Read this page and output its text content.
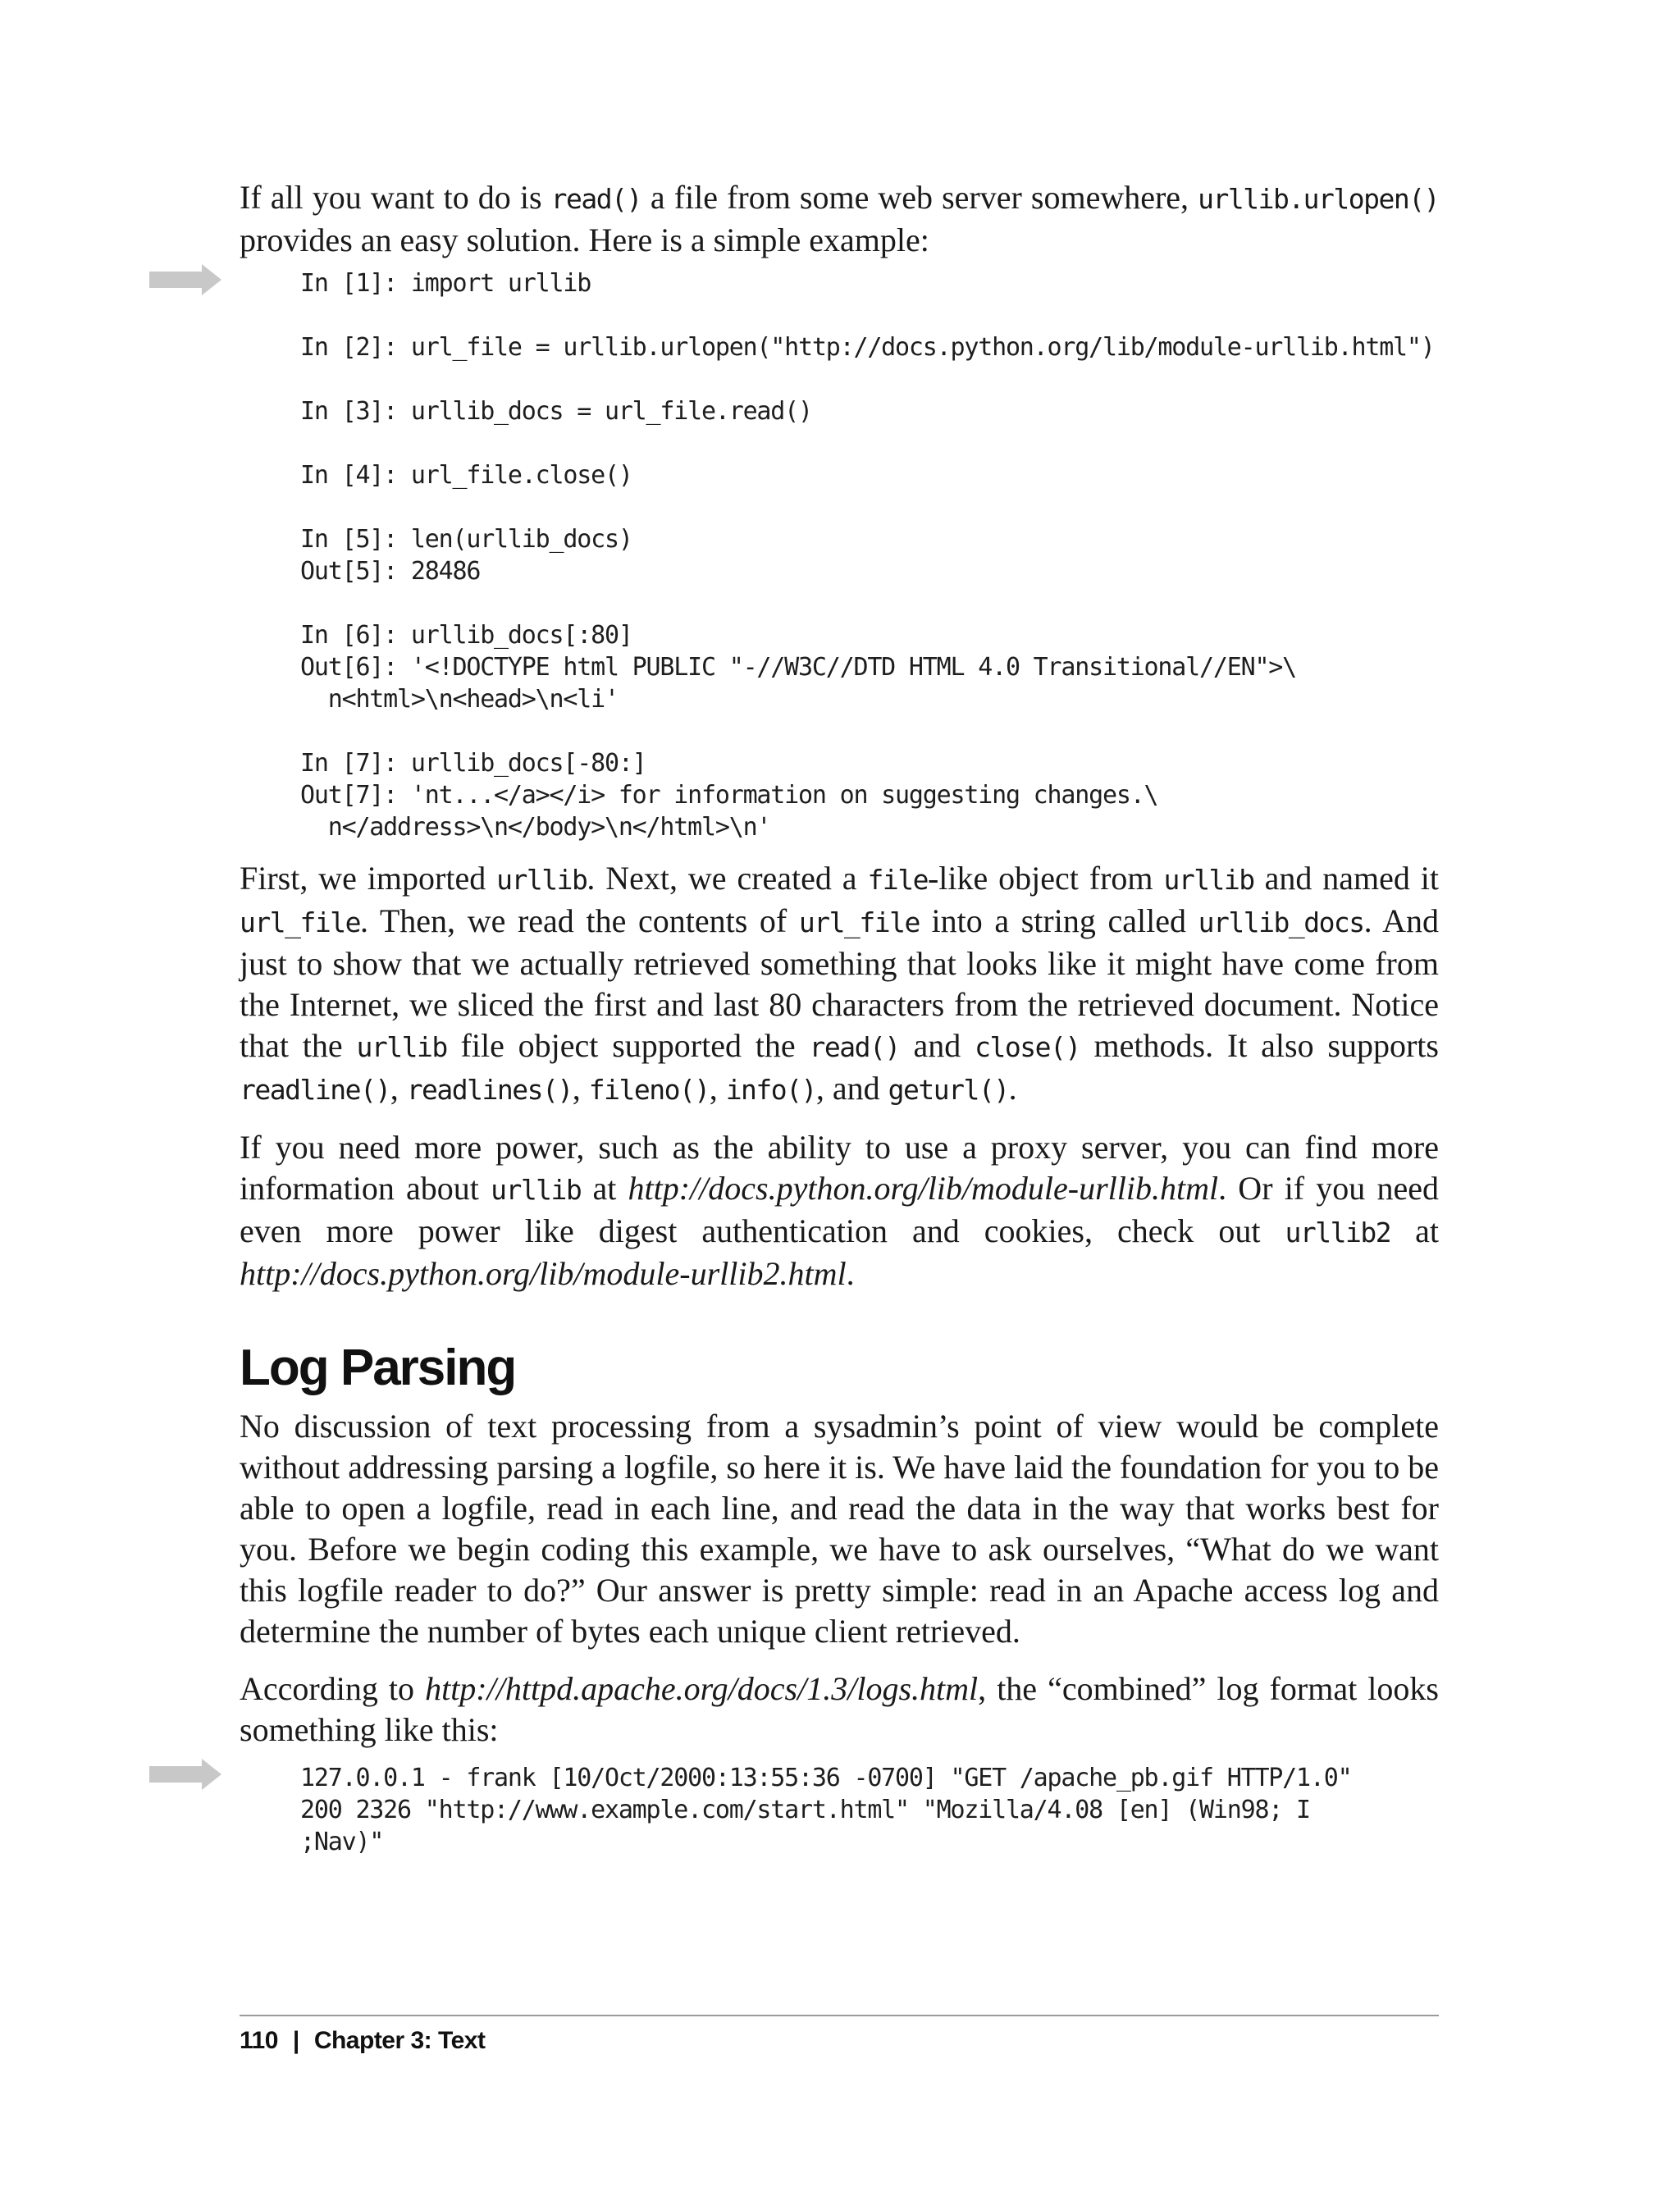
If all you want to do is read() a file from some web server somewhere, urllib.urlopen() provides an easy solution. Here is a simple example:

In [1]: import urllib
In [2]: url_file = urllib.urlopen("http://docs.python.org/lib/module-urllib.html")
In [3]: urllib_docs = url_file.read()
In [4]: url_file.close()
In [5]: len(urllib_docs)
Out[5]: 28486
In [6]: urllib_docs[:80]
Out[6]: '<!DOCTYPE html PUBLIC "-//W3C//DTD HTML 4.0 Transitional//EN">\
n<html>\n<head>\n<li'
In [7]: urllib_docs[-80:]
Out[7]: 'nt...</a></i> for information on suggesting changes.\
n</address>\n</body>\n</html>\n'

First, we imported urllib. Next, we created a file-like object from urllib and named it url_file. Then, we read the contents of url_file into a string called urllib_docs. And just to show that we actually retrieved something that looks like it might have come from the Internet, we sliced the first and last 80 characters from the retrieved document. Notice that the urllib file object supported the read() and close() methods. It also supports readline(), readlines(), fileno(), info(), and geturl().

If you need more power, such as the ability to use a proxy server, you can find more information about urllib at http://docs.python.org/lib/module-urllib.html. Or if you need even more power like digest authentication and cookies, check out urllib2 at http://docs.python.org/lib/module-urllib2.html.

Log Parsing

No discussion of text processing from a sysadmin’s point of view would be complete without addressing parsing a logfile, so here it is. We have laid the foundation for you to be able to open a logfile, read in each line, and read the data in the way that works best for you. Before we begin coding this example, we have to ask ourselves, “What do we want this logfile reader to do?” Our answer is pretty simple: read in an Apache access log and determine the number of bytes each unique client retrieved.

According to http://httpd.apache.org/docs/1.3/logs.html, the “combined” log format looks something like this:

127.0.0.1 - frank [10/Oct/2000:13:55:36 -0700] "GET /apache_pb.gif HTTP/1.0"
200 2326 "http://www.example.com/start.html" "Mozilla/4.08 [en] (Win98; I
;Nav)"
110 | Chapter 3: Text
